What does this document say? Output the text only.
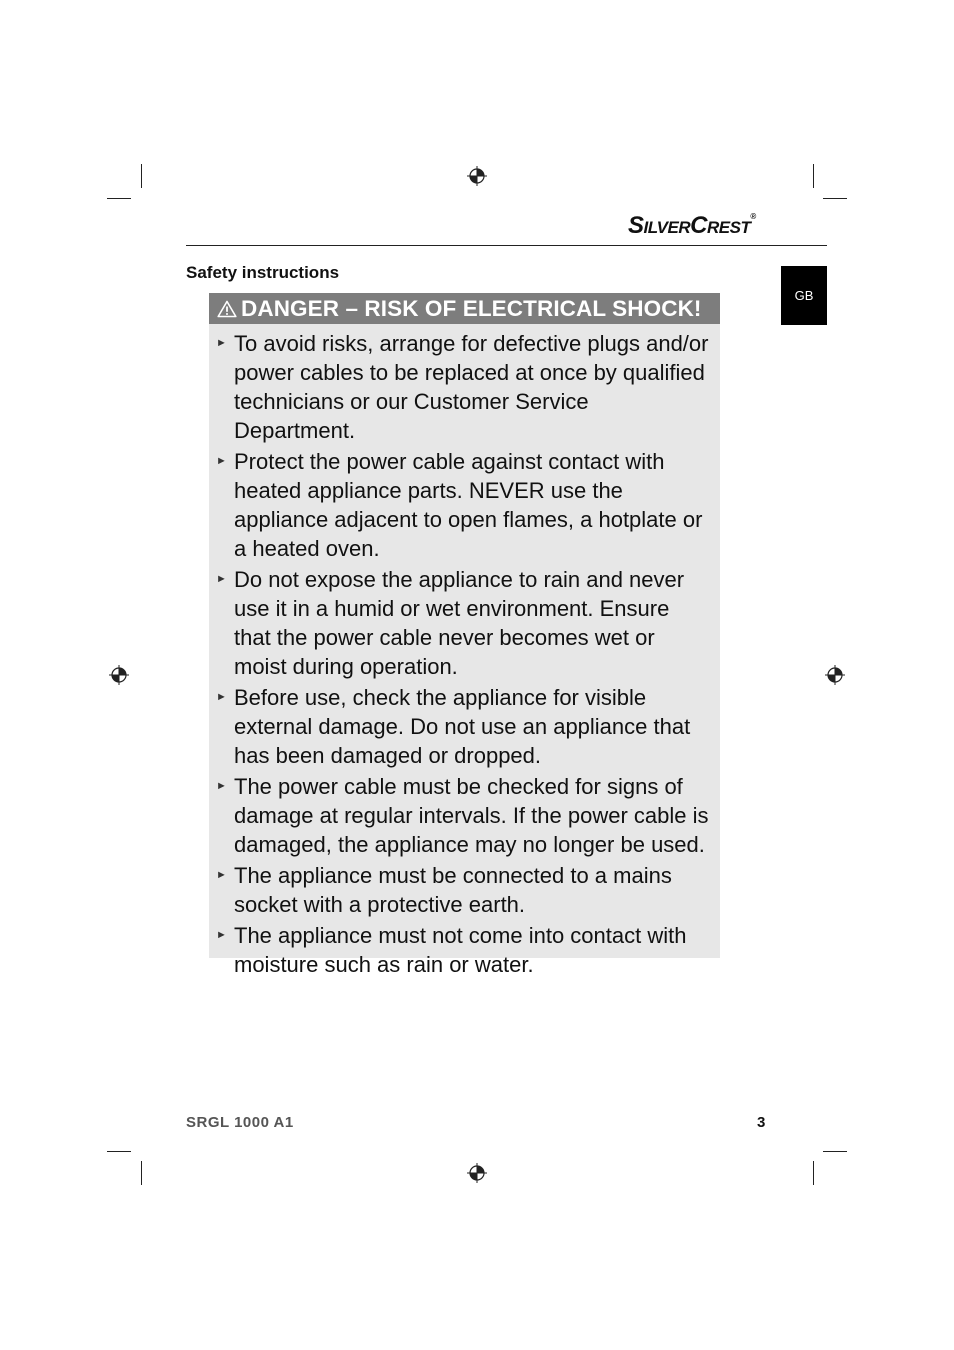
SILVERCREST®
GB
Safety instructions
DANGER – RISK OF ELECTRICAL SHOCK!
► To avoid risks, arrange for defective plugs and/or power cables to be replaced at once by qualified technicians or our Customer Service Department.
► Protect the power cable against contact with heated appliance parts. NEVER use the appliance adjacent to open flames, a hotplate or a heated oven.
► Do not expose the appliance to rain and never use it in a humid or wet environment. Ensure that the power cable never becomes wet or moist during operation.
► Before use, check the appliance for visible external damage. Do not use an appliance that has been damaged or dropped.
► The power cable must be checked for signs of damage at regular intervals. If the power cable is damaged, the appliance may no longer be used.
► The appliance must be connected to a mains socket with a protective earth.
► The appliance must not come into contact with moisture such as rain or water.
SRGL 1000 A1	3
